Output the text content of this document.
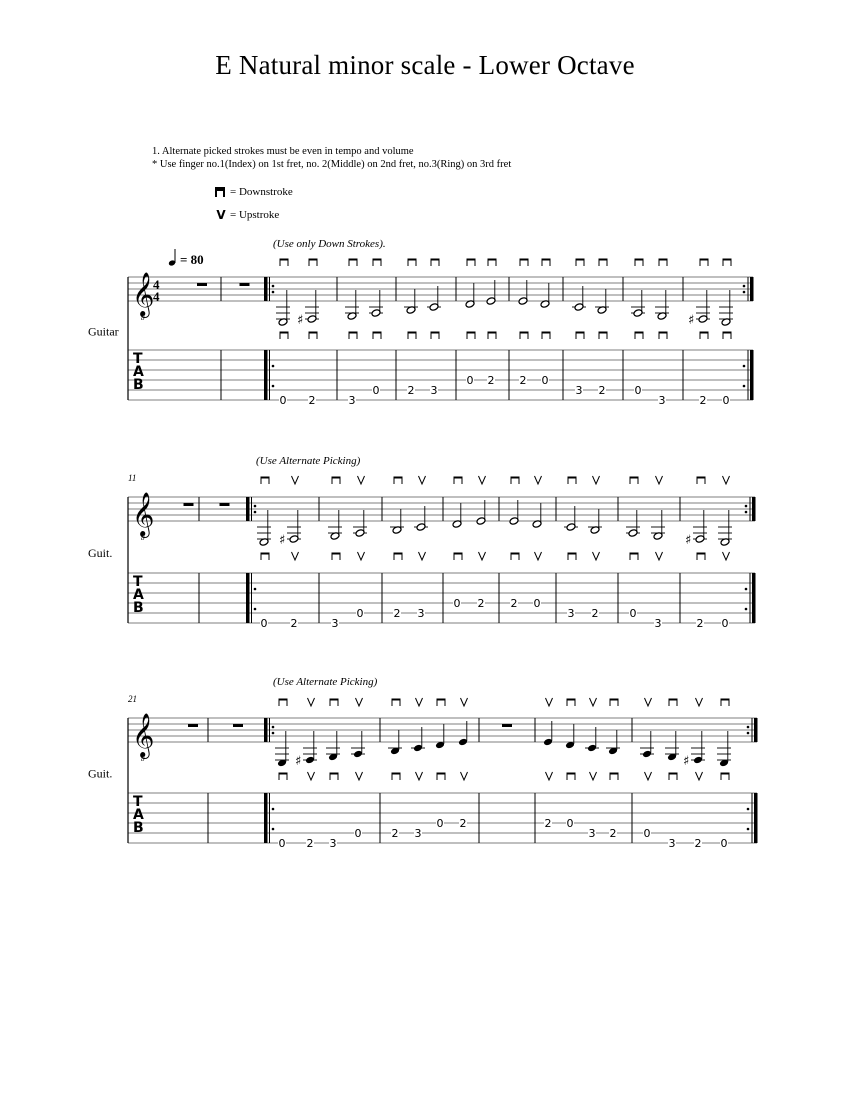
E Natural minor scale - Lower Octave
1. Alternate picked strokes must be even in tempo and volume
* Use finger no.1(Index) on 1st fret, no. 2(Middle) on 2nd fret, no.3(Ring) on 3rd fret
= Downstroke
V = Upstroke
= 80
Guitar
(Use only Down Strokes).
𝄞
8
4
4
T
A
B
0
♯
2	3
0	2 3
0 2 2 0
3 2	0
3
♯
2 0
Guit.
11
(Use Alternate Picking)
𝄞
8
T
A
B
0
♯
2	3
0	2 3
0 2 2 0
3 2	0
3
♯
2 0
Guit.
21
(Use Alternate Picking)
𝄞
8
T
A
B
0
♯
2 3
0	2 3
0 2	2 0
3 2 0
3
♯
2 0
